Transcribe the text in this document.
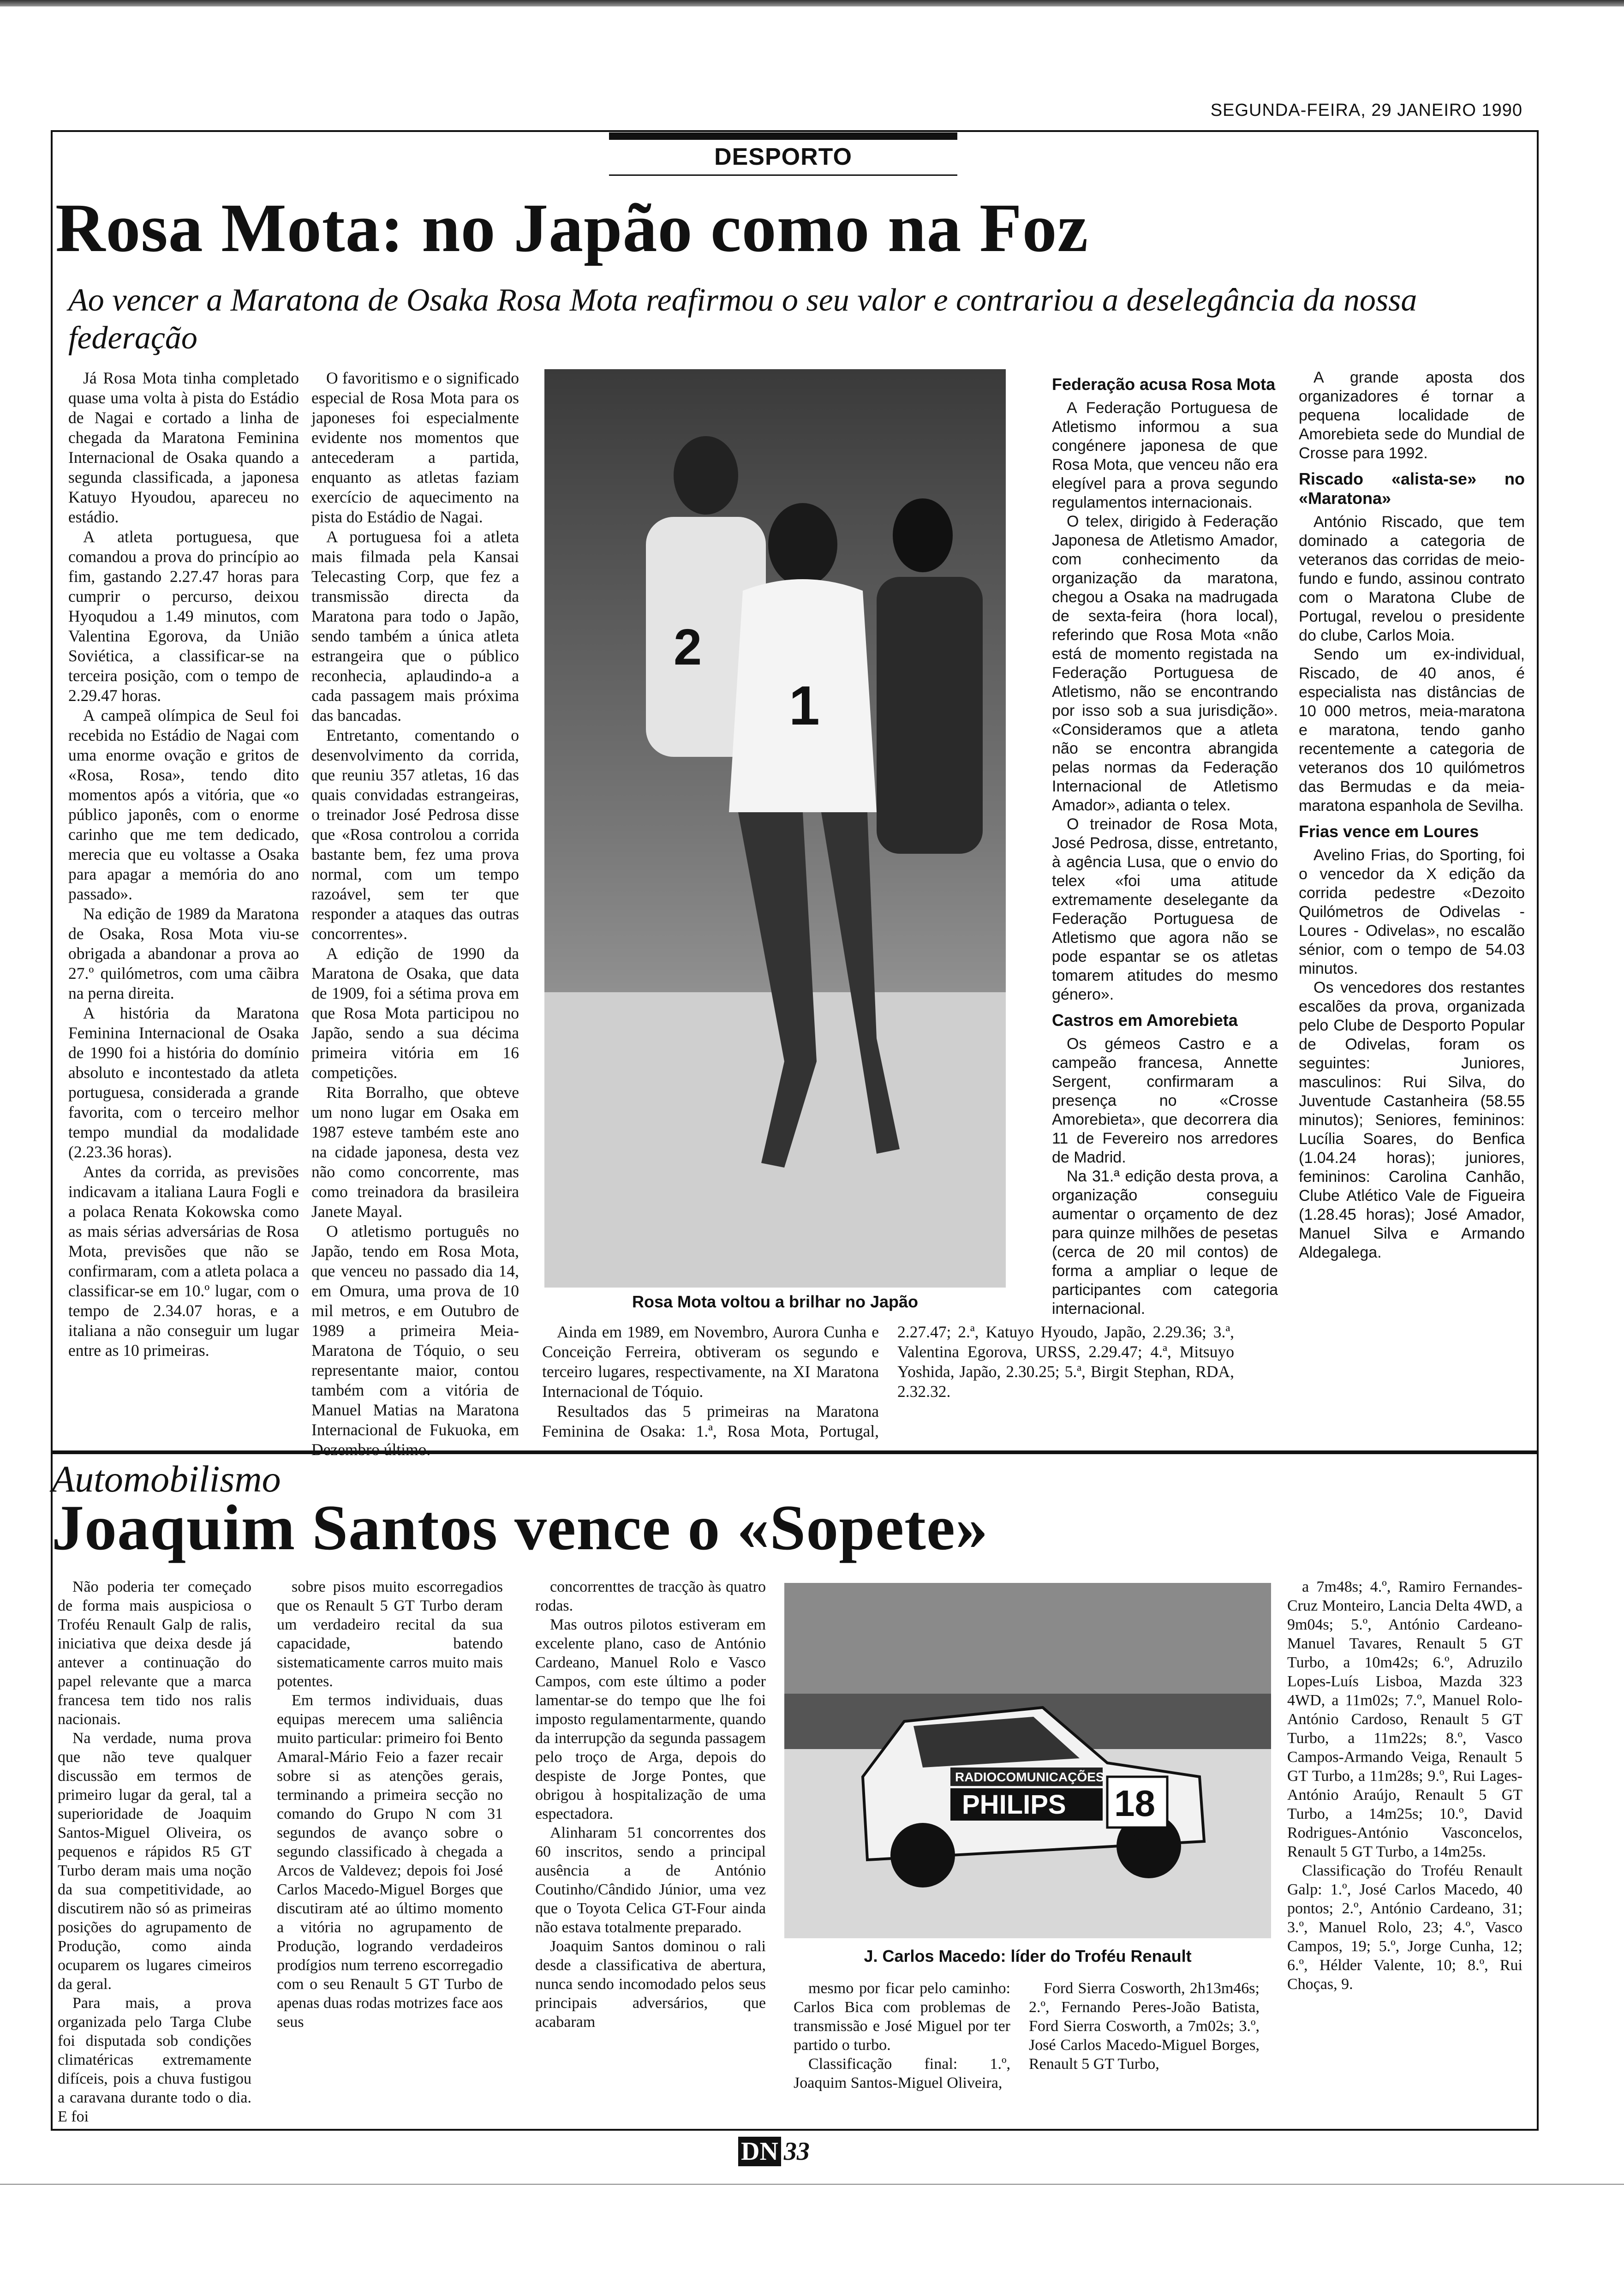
SEGUNDA-FEIRA, 29 JANEIRO 1990
DESPORTO
Rosa Mota: no Japão como na Foz
Ao vencer a Maratona de Osaka Rosa Mota reafirmou o seu valor e contrariou a deselegância da nossa federação

Já Rosa Mota tinha completado quase uma volta à pista do Estádio de Nagai e cortado a linha de chegada da Maratona Feminina Internacional de Osaka quando a segunda classificada, a japonesa Katuyo Hyoudou, apareceu no estádio.

A atleta portuguesa, que comandou a prova do princípio ao fim, gastando 2.27.47 horas para cumprir o percurso, deixou Hyoqudou a 1.49 minutos, com Valentina Egorova, da União Soviética, a classificar-se na terceira posição, com o tempo de 2.29.47 horas.

A campeã olímpica de Seul foi recebida no Estádio de Nagai com uma enorme ovação e gritos de «Rosa, Rosa», tendo dito momentos após a vitória, que «o público japonês, com o enorme carinho que me tem dedicado, merecia que eu voltasse a Osaka para apagar a memória do ano passado».

Na edição de 1989 da Maratona de Osaka, Rosa Mota viu-se obrigada a abandonar a prova ao 27.º quilómetros, com uma cãibra na perna direita.

A história da Maratona Feminina Internacional de Osaka de 1990 foi a história do domínio absoluto e incontestado da atleta portuguesa, considerada a grande favorita, com o terceiro melhor tempo mundial da modalidade (2.23.36 horas).

Antes da corrida, as previsões indicavam a italiana Laura Fogli e a polaca Renata Kokowska como as mais sérias adversárias de Rosa Mota, previsões que não se confirmaram, com a atleta polaca a classificar-se em 10.º lugar, com o tempo de 2.34.07 horas, e a italiana a não conseguir um lugar entre as 10 primeiras.

O favoritismo e o significado especial de Rosa Mota para os japoneses foi especialmente evidente nos momentos que antecederam a partida, enquanto as atletas faziam exercício de aquecimento na pista do Estádio de Nagai.

A portuguesa foi a atleta mais filmada pela Kansai Telecasting Corp, que fez a transmissão directa da Maratona para todo o Japão, sendo também a única atleta estrangeira que o público reconhecia, aplaudindo-a a cada passagem mais próxima das bancadas.

Entretanto, comentando o desenvolvimento da corrida, que reuniu 357 atletas, 16 das quais convidadas estrangeiras, o treinador José Pedrosa disse que «Rosa controlou a corrida bastante bem, fez uma prova normal, com um tempo razoável, sem ter que responder a ataques das outras concorrentes».

A edição de 1990 da Maratona de Osaka, que data de 1909, foi a sétima prova em que Rosa Mota participou no Japão, sendo a sua décima primeira vitória em 16 competições.

Rita Borralho, que obteve um nono lugar em Osaka em 1987 esteve também este ano na cidade japonesa, desta vez não como concorrente, mas como treinadora da brasileira Janete Mayal.

O atletismo português no Japão, tendo em Rosa Mota, que venceu no passado dia 14, em Omura, uma prova de 10 mil metros, e em Outubro de 1989 a primeira Meia-Maratona de Tóquio, o seu representante maior, contou também com a vitória de Manuel Matias na Maratona Internacional de Fukuoka, em Dezembro último.

Ainda em 1989, em Novembro, Aurora Cunha e Conceição Ferreira, obtiveram os segundo e terceiro lugares, respectivamente, na XI Maratona Internacional de Tóquio.

Resultados das 5 primeiras na Maratona Feminina de Osaka: 1.ª, Rosa Mota, Portugal, 2.27.47; 2.ª, Katuyo Hyoudo, Japão, 2.29.36; 3.ª, Valentina Egorova, URSS, 2.29.47; 4.ª, Mitsuyo Yoshida, Japão, 2.30.25; 5.ª, Birgit Stephan, RDA, 2.32.32.

1
2
Rosa Mota voltou a brilhar no Japão
Federação acusa Rosa Mota

A Federação Portuguesa de Atletismo informou a sua congénere japonesa de que Rosa Mota, que venceu não era elegível para a prova segundo regulamentos internacionais.

O telex, dirigido à Federação Japonesa de Atletismo Amador, com conhecimento da organização da maratona, chegou a Osaka na madrugada de sexta-feira (hora local), referindo que Rosa Mota «não está de momento registada na Federação Portuguesa de Atletismo, não se encontrando por isso sob a sua jurisdição». «Consideramos que a atleta não se encontra abrangida pelas normas da Federação Internacional de Atletismo Amador», adianta o telex.

O treinador de Rosa Mota, José Pedrosa, disse, entretanto, à agência Lusa, que o envio do telex «foi uma atitude extremamente deselegante da Federação Portuguesa de Atletismo que agora não se pode espantar se os atletas tomarem atitudes do mesmo género».

Castros em Amorebieta

Os gémeos Castro e a campeão francesa, Annette Sergent, confirmaram a presença no «Crosse Amorebieta», que decorrera dia 11 de Fevereiro nos arredores de Madrid.

Na 31.ª edição desta prova, a organização conseguiu aumentar o orçamento de dez para quinze milhões de pesetas (cerca de 20 mil contos) de forma a ampliar o leque de participantes com categoria internacional.

A grande aposta dos organizadores é tornar a pequena localidade de Amorebieta sede do Mundial de Crosse para 1992.

Riscado «alista-se» no «Maratona»

António Riscado, que tem dominado a categoria de veteranos das corridas de meio-fundo e fundo, assinou contrato com o Maratona Clube de Portugal, revelou o presidente do clube, Carlos Moia.

Sendo um ex-individual, Riscado, de 40 anos, é especialista nas distâncias de 10 000 metros, meia-maratona e maratona, tendo ganho recentemente a categoria de veteranos dos 10 quilómetros das Bermudas e da meia-maratona espanhola de Sevilha.

Frias vence em Loures

Avelino Frias, do Sporting, foi o vencedor da X edição da corrida pedestre «Dezoito Quilómetros de Odivelas - Loures - Odivelas», no escalão sénior, com o tempo de 54.03 minutos.

Os vencedores dos restantes escalões da prova, organizada pelo Clube de Desporto Popular de Odivelas, foram os seguintes: Juniores, masculinos: Rui Silva, do Juventude Castanheira (58.55 minutos); Seniores, femininos: Lucília Soares, do Benfica (1.04.24 horas); juniores, femininos: Carolina Canhão, Clube Atlético Vale de Figueira (1.28.45 horas); José Amador, Manuel Silva e Armando Aldegalega.

Automobilismo
Joaquim Santos vence o «Sopete»

Não poderia ter começado de forma mais auspiciosa o Troféu Renault Galp de ralis, iniciativa que deixa desde já antever a continuação do papel relevante que a marca francesa tem tido nos ralis nacionais.

Na verdade, numa prova que não teve qualquer discussão em termos de primeiro lugar da geral, tal a superioridade de Joaquim Santos-Miguel Oliveira, os pequenos e rápidos R5 GT Turbo deram mais uma noção da sua competitividade, ao discutirem não só as primeiras posições do agrupamento de Produção, como ainda ocuparem os lugares cimeiros da geral.

Para mais, a prova organizada pelo Targa Clube foi disputada sob condições climatéricas extremamente difíceis, pois a chuva fustigou a caravana durante todo o dia. E foi

sobre pisos muito escorregadios que os Renault 5 GT Turbo deram um verdadeiro recital da sua capacidade, batendo sistematicamente carros muito mais potentes.

Em termos individuais, duas equipas merecem uma saliência muito particular: primeiro foi Bento Amaral-Mário Feio a fazer recair sobre si as atenções gerais, terminando a primeira secção no comando do Grupo N com 31 segundos de avanço sobre o segundo classificado à chegada a Arcos de Valdevez; depois foi José Carlos Macedo-Miguel Borges que discutiram até ao último momento a vitória no agrupamento de Produção, logrando verdadeiros prodígios num terreno escorregadio com o seu Renault 5 GT Turbo de apenas duas rodas motrizes face aos seus

concorrenttes de tracção às quatro rodas.

Mas outros pilotos estiveram em excelente plano, caso de António Cardeano, Manuel Rolo e Vasco Campos, com este último a poder lamentar-se do tempo que lhe foi imposto regulamentarmente, quando da interrupção da segunda passagem pelo troço de Arga, depois do despiste de Jorge Pontes, que obrigou à hospitalização de uma espectadora.

Alinharam 51 concorrentes dos 60 inscritos, sendo a principal ausência a de António Coutinho/Cândido Júnior, uma vez que o Toyota Celica GT-Four ainda não estava totalmente preparado.

Joaquim Santos dominou o rali desde a classificativa de abertura, nunca sendo incomodado pelos seus principais adversários, que acabaram

RADIOCOMUNICAÇÕES
PHILIPS 18
GALP
J. Carlos Macedo: líder do Troféu Renault

mesmo por ficar pelo caminho: Carlos Bica com problemas de transmissão e José Miguel por ter partido o turbo.

Classificação final: 1.º, Joaquim Santos-Miguel Oliveira,

Ford Sierra Cosworth, 2h13m46s; 2.º, Fernando Peres-João Batista, Ford Sierra Cosworth, a 7m02s; 3.º, José Carlos Macedo-Miguel Borges, Renault 5 GT Turbo,

a 7m48s; 4.º, Ramiro Fernandes-Cruz Monteiro, Lancia Delta 4WD, a 9m04s; 5.º, António Cardeano-Manuel Tavares, Renault 5 GT Turbo, a 10m42s; 6.º, Adruzilo Lopes-Luís Lisboa, Mazda 323 4WD, a 11m02s; 7.º, Manuel Rolo-António Cardoso, Renault 5 GT Turbo, a 11m22s; 8.º, Vasco Campos-Armando Veiga, Renault 5 GT Turbo, a 11m28s; 9.º, Rui Lages-António Araújo, Renault 5 GT Turbo, a 14m25s; 10.º, David Rodrigues-António Vasconcelos, Renault 5 GT Turbo, a 14m25s.

Classificação do Troféu Renault Galp: 1.º, José Carlos Macedo, 40 pontos; 2.º, António Cardeano, 31; 3.º, Manuel Rolo, 23; 4.º, Vasco Campos, 19; 5.º, Jorge Cunha, 12; 6.º, Hélder Valente, 10; 8.º, Rui Choças, 9.

DN 33
